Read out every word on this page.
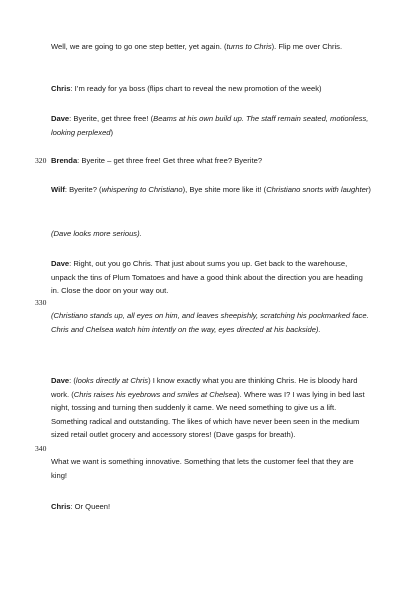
Well, we are going to go one step better, yet again. (turns to Chris). Flip me over Chris.

Chris: I’m ready for ya boss (flips chart to reveal the new promotion of the week)

Dave: Byerite, get three free! (Beams at his own build up. The staff remain seated, motionless, looking perplexed)

320 Brenda: Byerite – get three free! Get three what free? Byerite?

Wilf: Byerite? (whispering to Christiano), Bye shite more like it! (Christiano snorts with laughter)

(Dave looks more serious).

Dave: Right, out you go Chris. That just about sums you up. Get back to the warehouse, unpack the tins of Plum Tomatoes and have a good think about the direction you are heading in. Close the door on your way out.

330

(Christiano stands up, all eyes on him, and leaves sheepishly, scratching his pockmarked face. Chris and Chelsea watch him intently on the way, eyes directed at his backside).

Dave: (looks directly at Chris) I know exactly what you are thinking Chris. He is bloody hard work. (Chris raises his eyebrows and smiles at Chelsea). Where was I? I was lying in bed last night, tossing and turning then suddenly it came. We need something to give us a lift. Something radical and outstanding. The likes of which have never been seen in the medium sized retail outlet grocery and accessory stores! (Dave gasps for breath).

340

What we want is something innovative. Something that lets the customer feel that they are king!

Chris: Or Queen!
